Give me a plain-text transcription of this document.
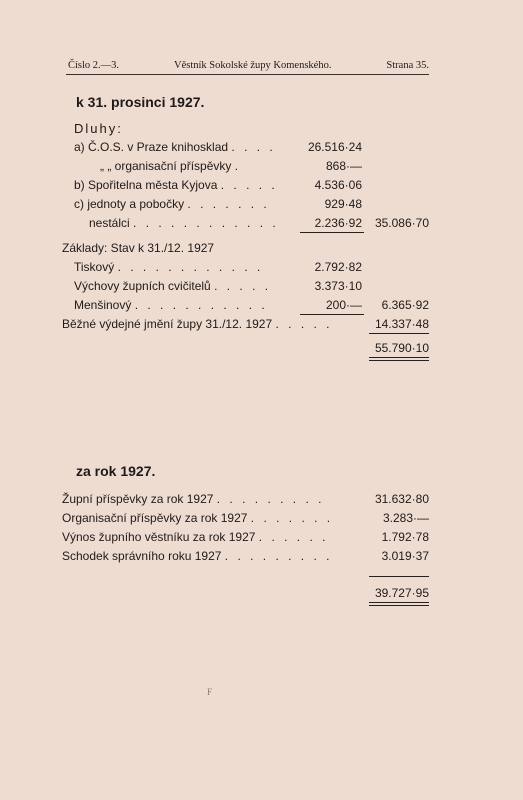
Číslo 2.—3.	Věstník Sokolské župy Komenského.	Strana 35.
k 31. prosinci 1927.
Dluhy:
a) Č.O.S. v Praze knihosklad . . . .	26.516·24
„ „ organisační příspěvky .	868·—
b) Spořitelna města Kyjova . . . . .	4.536·06
c) jednoty a pobočky . . . . . . .	929·48
nestálci . . . . . . . . . . . .	2.236·92	35.086·70
Základy: Stav k 31./12. 1927
Tiskový . . . . . . . . . . . .	2.792·82
Výchovy župních cvičitelů . . . . .	3.373·10
Menšinový . . . . . . . . . . .	200·—	6.365·92
Běžné výdejné jmění župy 31./12. 1927 . . . . .	14.337·48
55.790·10
za rok 1927.
Župní příspěvky za rok 1927 . . . . . . . . .	31.632·80
Organisační příspěvky za rok 1927 . . . . . . .	3.283·—
Výnos župního věstníku za rok 1927 . . . . . .	1.792·78
Schodek správního roku 1927 . . . . . . . . .	3.019·37
39.727·95
F
